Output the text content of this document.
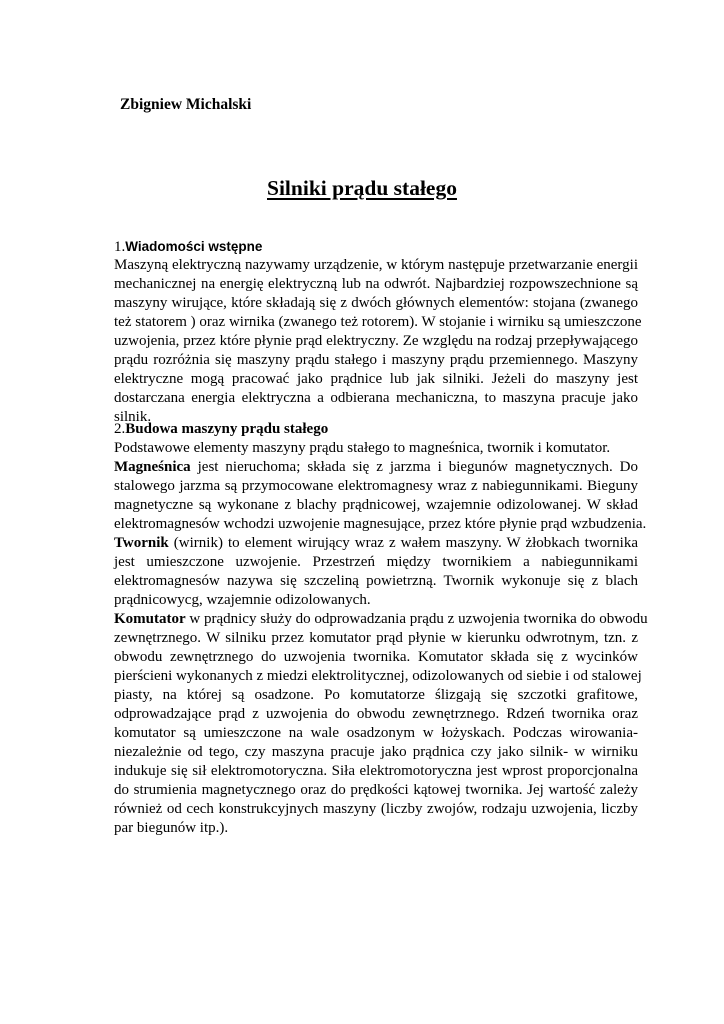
Zbigniew Michalski
Silniki prądu stałego
1.Wiadomości wstępne
Maszyną elektryczną nazywamy urządzenie, w którym następuje przetwarzanie energii
mechanicznej na energię elektryczną lub na odwrót. Najbardziej rozpowszechnione są
maszyny wirujące, które składają się z dwóch głównych elementów: stojana (zwanego
też statorem ) oraz wirnika (zwanego też rotorem). W stojanie i wirniku są umieszczone
uzwojenia, przez które płynie prąd elektryczny. Ze względu na rodzaj przepływającego
prądu rozróżnia się maszyny prądu stałego i maszyny prądu przemiennego. Maszyny
elektryczne mogą pracować jako prądnice lub jak silniki. Jeżeli do maszyny jest
dostarczana energia elektryczna a odbierana mechaniczna, to maszyna pracuje jako
silnik.
2.Budowa maszyny prądu stałego
Podstawowe elementy maszyny prądu stałego to magneśnica, twornik i komutator.
Magneśnica jest nieruchoma; składa się z jarzma i biegunów magnetycznych. Do
stalowego jarzma są przymocowane elektromagnesy wraz z nabiegunnikami. Bieguny
magnetyczne są wykonane z blachy prądnicowej, wzajemnie odizolowanej. W skład
elektromagnesów wchodzi uzwojenie magnesujące, przez które płynie prąd wzbudzenia.
Twornik (wirnik) to element wirujący wraz z wałem maszyny. W żłobkach twornika
jest umieszczone uzwojenie. Przestrzeń między twornikiem a nabiegunnikami
elektromagnesów nazywa się szczeliną powietrzną. Twornik wykonuje się z blach
prądnicowycg, wzajemnie odizolowanych.
Komutator w prądnicy służy do odprowadzania prądu z uzwojenia twornika do obwodu
zewnętrznego. W silniku przez komutator prąd płynie w kierunku odwrotnym, tzn. z
obwodu zewnętrznego do uzwojenia twornika. Komutator składa się z wycinków
pierścieni wykonanych z miedzi elektrolitycznej, odizolowanych od siebie i od stalowej
piasty, na której są osadzone. Po komutatorze ślizgają się szczotki grafitowe,
odprowadzające prąd z uzwojenia do obwodu zewnętrznego. Rdzeń twornika oraz
komutator są umieszczone na wale osadzonym w łożyskach. Podczas wirowania-
niezależnie od tego, czy maszyna pracuje jako prądnica czy jako silnik- w wirniku
indukuje się sił elektromotoryczna. Siła elektromotoryczna jest wprost proporcjonalna
do strumienia magnetycznego oraz do prędkości kątowej twornika. Jej wartość zależy
również od cech konstrukcyjnych maszyny (liczby zwojów, rodzaju uzwojenia, liczby
par biegunów itp.).
